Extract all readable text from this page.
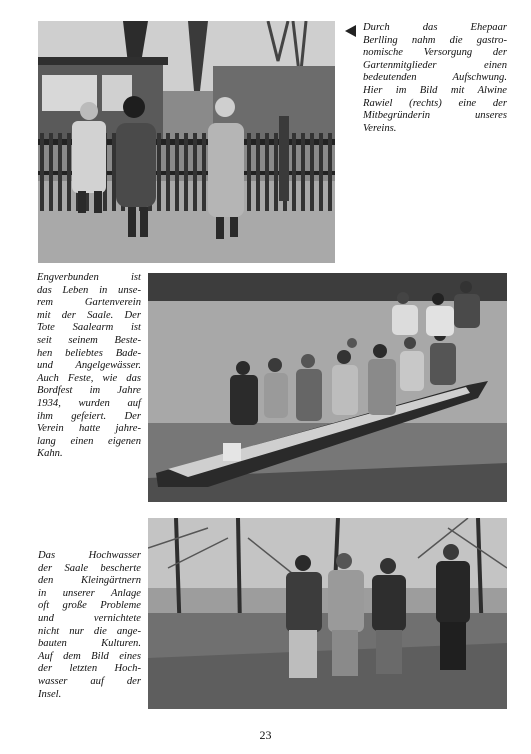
Durch das Ehepaar
Berlling nahm die gastro-
nomische Versorgung der
Gartenmitglieder einen
bedeutenden Aufschwung.
Hier im Bild mit Alwine
Rawiel (rechts) eine der
Mitbegründerin unseres
Vereins.

Engverbunden ist
das Leben in unse-
rem Gartenverein
mit der Saale. Der
Tote Saalearm ist
seit seinem Beste-
hen beliebtes Bade-
und Angelgewässer.
Auch Feste, wie das
Bordfest im Jahre
1934, wurden auf
ihm gefeiert. Der
Verein hatte jahre-
lang einen eigenen
Kahn.

Das Hochwasser
der Saale bescherte
den Kleingärtnern
in unserer Anlage
oft große Probleme
und vernichtete
nicht nur die ange-
bauten Kulturen.
Auf dem Bild eines
der letzten Hoch-
wasser auf der
Insel.

23
